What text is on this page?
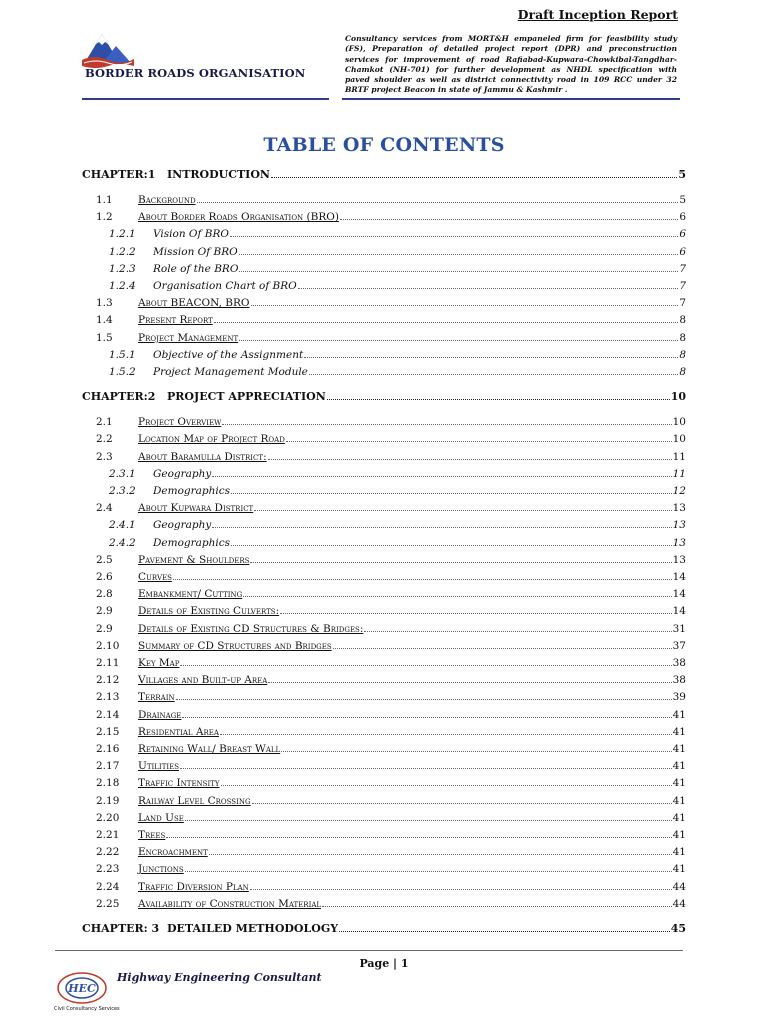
Draft Inception Report
BORDER ROADS ORGANISATION
Consultancy services from MORT&H empaneled firm for feasibility study (FS), Preparation of detailed project report (DPR) and preconstruction services for improvement of road Rafiabad-Kupwara-Chowkibal-Tangdhar-Chamkot (NH-701) for further development as NHDL specification with paved shoulder as well as district connectivity road in 109 RCC under 32 BRTF project Beacon in state of Jammu & Kashmir .
TABLE OF CONTENTS
CHAPTER:1	INTRODUCTION	5
1.1	Background	5
1.2	About Border Roads Organisation (BRO)	6
1.2.1	Vision Of BRO	6
1.2.2	Mission Of BRO	6
1.2.3	Role of the BRO	7
1.2.4	Organisation Chart of BRO	7
1.3	About BEACON, BRO	7
1.4	Present Report	8
1.5	Project Management	8
1.5.1	Objective of the Assignment	8
1.5.2	Project Management Module	8
CHAPTER:2	PROJECT APPRECIATION	10
2.1	Project Overview	10
2.2	Location Map of Project Road	10
2.3	About Baramulla District:	11
2.3.1	Geography	11
2.3.2	Demographics	12
2.4	About Kupwara District	13
2.4.1	Geography	13
2.4.2	Demographics	13
2.5	Pavement & Shoulders	13
2.6	Curves	14
2.8	Embankment/ Cutting	14
2.9	Details of Existing Culverts:	14
2.9	Details of Existing CD Structures & Bridges:	31
2.10	Summary of CD Structures and Bridges	37
2.11	Key Map	38
2.12	Villages and Built-up Area	38
2.13	Terrain	39
2.14	Drainage	41
2.15	Residential Area	41
2.16	Retaining Wall/ Breast Wall	41
2.17	Utilities	41
2.18	Traffic Intensity	41
2.19	Railway Level Crossing	41
2.20	Land Use	41
2.21	Trees	41
2.22	Encroachment	41
2.23	Junctions	41
2.24	Traffic Diversion Plan	44
2.25	Availability of Construction Material	44
CHAPTER: 3 DETAILED METHODOLOGY	45
Page | 1
HEC
Civil Consultancy Services
Highway Engineering Consultant
